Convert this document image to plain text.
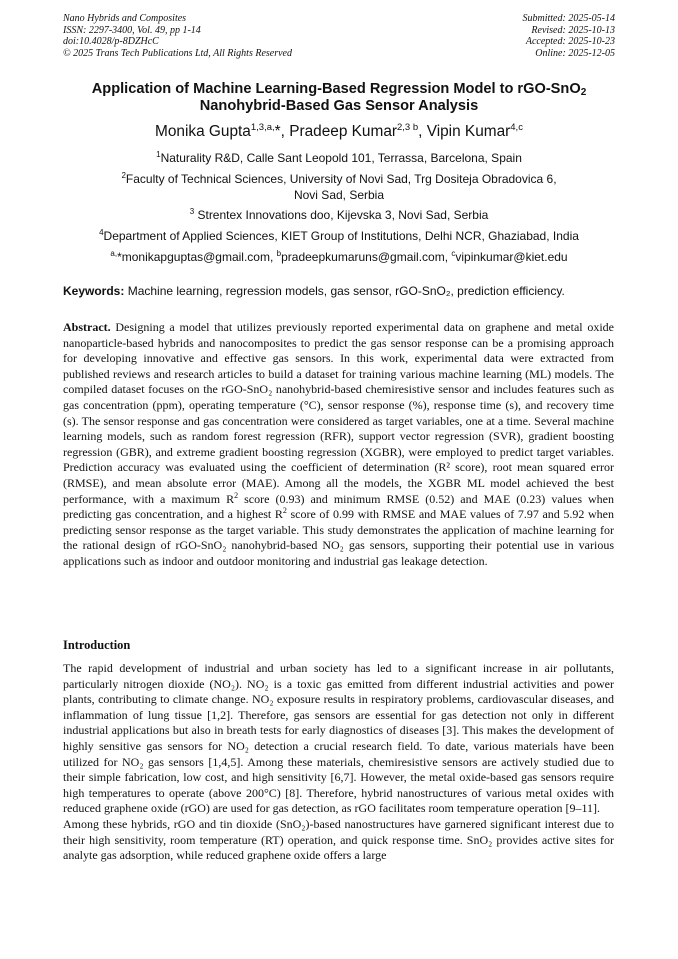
Nano Hybrids and Composites
ISSN: 2297-3400, Vol. 49, pp 1-14
doi:10.4028/p-8DZHcC
© 2025 Trans Tech Publications Ltd, All Rights Reserved
Submitted: 2025-05-14
Revised: 2025-10-13
Accepted: 2025-10-23
Online: 2025-12-05
Application of Machine Learning-Based Regression Model to rGO-SnO$_2$
Nanohybrid-Based Gas Sensor Analysis
Monika Gupta$^{1,3,a,}$*, Pradeep Kumar$^{2,3 b}$, Vipin Kumar$^{4,c}$
$^1$Naturality R&D, Calle Sant Leopold 101, Terrassa, Barcelona, Spain
$^2$Faculty of Technical Sciences, University of Novi Sad, Trg Dositeja Obradovica 6,
Novi Sad, Serbia
$^3$ Strentex Innovations doo, Kijevska 3, Novi Sad, Serbia
$^4$Department of Applied Sciences, KIET Group of Institutions, Delhi NCR, Ghaziabad, India
$^{a,}$*monikapguptas@gmail.com, $^b$pradeepkumaruns@gmail.com, $^c$vipinkumar@kiet.edu
Keywords: Machine learning, regression models, gas sensor, rGO-SnO₂, prediction efficiency.
Abstract. Designing a model that utilizes previously reported experimental data on graphene and metal oxide nanoparticle-based hybrids and nanocomposites to predict the gas sensor response can be a promising approach for developing innovative and effective gas sensors. In this work, experimental data were extracted from published reviews and research articles to build a dataset for training various machine learning (ML) models. The compiled dataset focuses on the rGO-SnO₂ nanohybrid-based chemiresistive sensor and includes features such as gas concentration (ppm), operating temperature (°C), sensor response (%), response time (s), and recovery time (s). The sensor response and gas concentration were considered as target variables, one at a time. Several machine learning models, such as random forest regression (RFR), support vector regression (SVR), gradient boosting regression (GBR), and extreme gradient boosting regression (XGBR), were employed to predict target variables. Prediction accuracy was evaluated using the coefficient of determination (R² score), root mean squared error (RMSE), and mean absolute error (MAE). Among all the models, the XGBR ML model achieved the best performance, with a maximum $R^2$ score (0.93) and minimum RMSE (0.52) and MAE (0.23) values when predicting gas concentration, and a highest $R^2$ score of 0.99 with RMSE and MAE values of 7.97 and 5.92 when predicting sensor response as the target variable. This study demonstrates the application of machine learning for the rational design of rGO-SnO₂ nanohybrid-based NO₂ gas sensors, supporting their potential use in various applications such as indoor and outdoor monitoring and industrial gas leakage detection.
Introduction

The rapid development of industrial and urban society has led to a significant increase in air pollutants, particularly nitrogen dioxide (NO₂). NO₂ is a toxic gas emitted from different industrial activities and power plants, contributing to climate change. NO₂ exposure results in respiratory problems, cardiovascular diseases, and inflammation of lung tissue [1,2]. Therefore, gas sensors are essential for gas detection not only in different industrial applications but also in breath tests for early diagnostics of diseases [3]. This makes the development of highly sensitive gas sensors for NO₂ detection a crucial research field. To date, various materials have been utilized for NO₂ gas sensors [1,4,5]. Among these materials, chemiresistive sensors are actively studied due to their simple fabrication, low cost, and high sensitivity [6,7]. However, the metal oxide-based gas sensors require high temperatures to operate (above 200°C) [8]. Therefore, hybrid nanostructures of various metal oxides with reduced graphene oxide (rGO) are used for gas detection, as rGO facilitates room temperature operation [9–11].

Among these hybrids, rGO and tin dioxide (SnO₂)-based nanostructures have garnered significant interest due to their high sensitivity, room temperature (RT) operation, and quick response time. SnO₂ provides active sites for analyte gas adsorption, while reduced graphene oxide offers a large
